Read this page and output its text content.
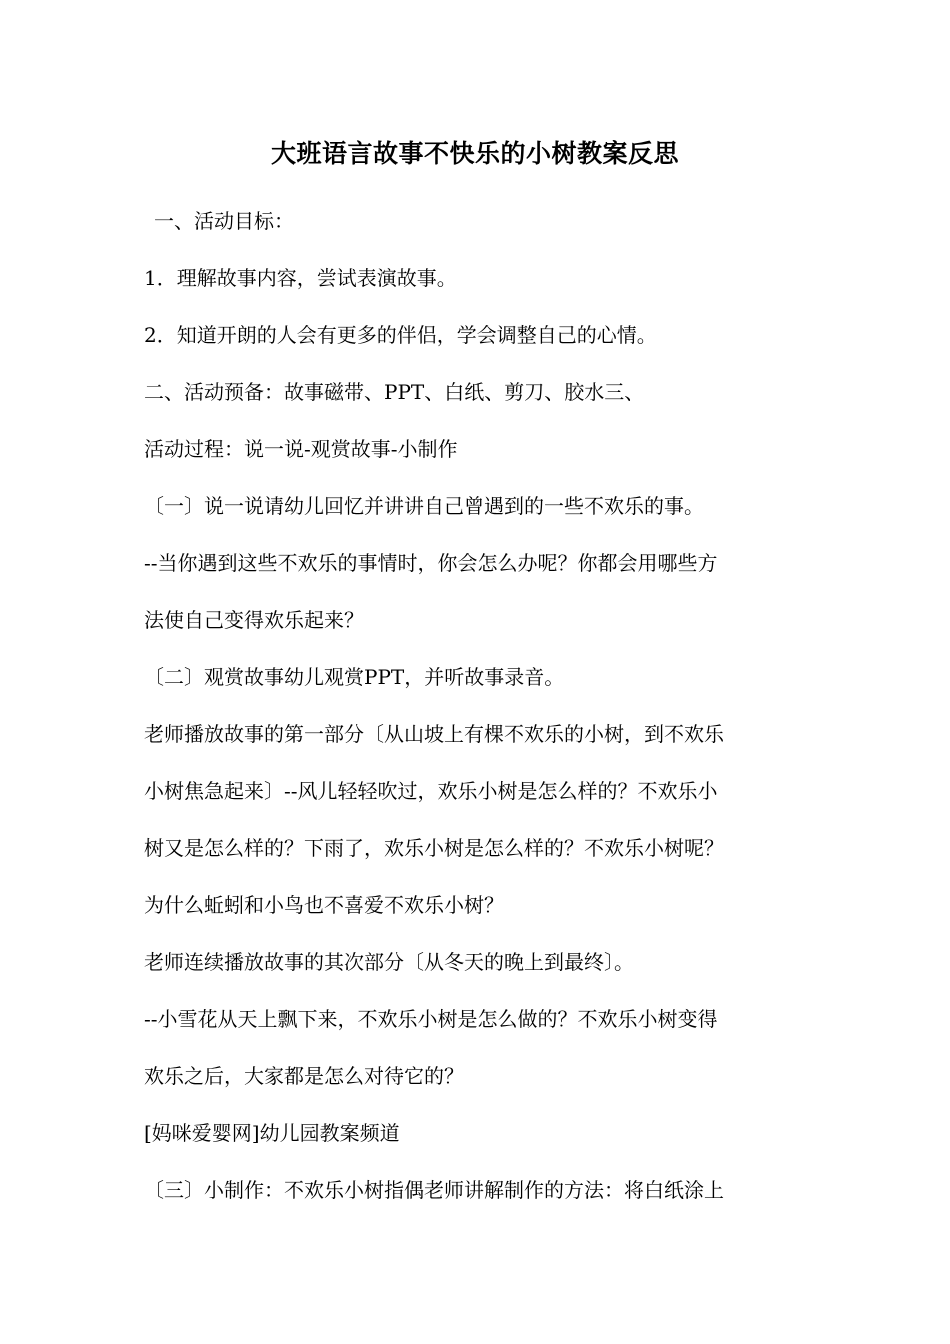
大班语言故事不快乐的小树教案反思

一、活动目标：

1．理解故事内容，尝试表演故事。

2．知道开朗的人会有更多的伴侣，学会调整自己的心情。

二、活动预备：故事磁带、PPT、白纸、剪刀、胶水三、

活动过程：说一说-观赏故事-小制作

〔一〕说一说请幼儿回忆并讲讲自己曾遇到的一些不欢乐的事。

--当你遇到这些不欢乐的事情时，你会怎么办呢？你都会用哪些方

法使自己变得欢乐起来？

〔二〕观赏故事幼儿观赏PPT，并听故事录音。

老师播放故事的第一部分〔从山坡上有棵不欢乐的小树，到不欢乐

小树焦急起来〕--风儿轻轻吹过，欢乐小树是怎么样的？不欢乐小

树又是怎么样的？下雨了，欢乐小树是怎么样的？不欢乐小树呢？

为什么蚯蚓和小鸟也不喜爱不欢乐小树？

老师连续播放故事的其次部分〔从冬天的晚上到最终〕。

--小雪花从天上飘下来，不欢乐小树是怎么做的？不欢乐小树变得

欢乐之后，大家都是怎么对待它的？

[妈咪爱婴网]幼儿园教案频道

〔三〕小制作：不欢乐小树指偶老师讲解制作的方法：将白纸涂上
